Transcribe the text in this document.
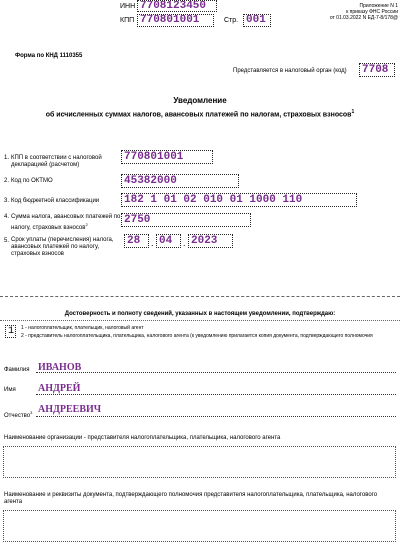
ИНН 7708123450
КПП 770801001	Стр. 001
Приложение N 1
к приказу ФНС России
от 01.03.2022 N ЕД-7-8/178@
Форма по КНД 1110355
Представляется в налоговый орган (код) 7708
Уведомление
об исчисленных суммах налогов, авансовых платежей по налогам, страховых взносов$^1$
1. КПП в соответствии с налоговой декларацией (расчетом)
770801001
2. Код по ОКТМО	45382000
3. Код бюджетной классификации 182 1 01 02 010 01 1000 110
4. Сумма налога, авансовых платежей по налогу, страховых взносов$^2$	2750
5. Срок уплаты (перечисления) налога, авансовых платежей по налогу, страховых взносов
28	. 04	. 2023
Достоверность и полноту сведений, указанных в настоящем уведомлении, подтверждаю:
1	1 - налогоплательщик, плательщик, налоговый агент
2 - представитель налогоплательщика, плательщика, налогового агента (к уведомлению прилагается копия документа, подтверждающего полномочия
Фамилия ИВАНОВ
Имя АНДРЕЙ
Отчество$^3$ АНДРЕЕВИЧ
Наименование организации - представителя налогоплательщика, плательщика, налогового агента
Наименование и реквизиты документа, подтверждающего полномочия представителя налогоплательщика, плательщика, налогового агента
